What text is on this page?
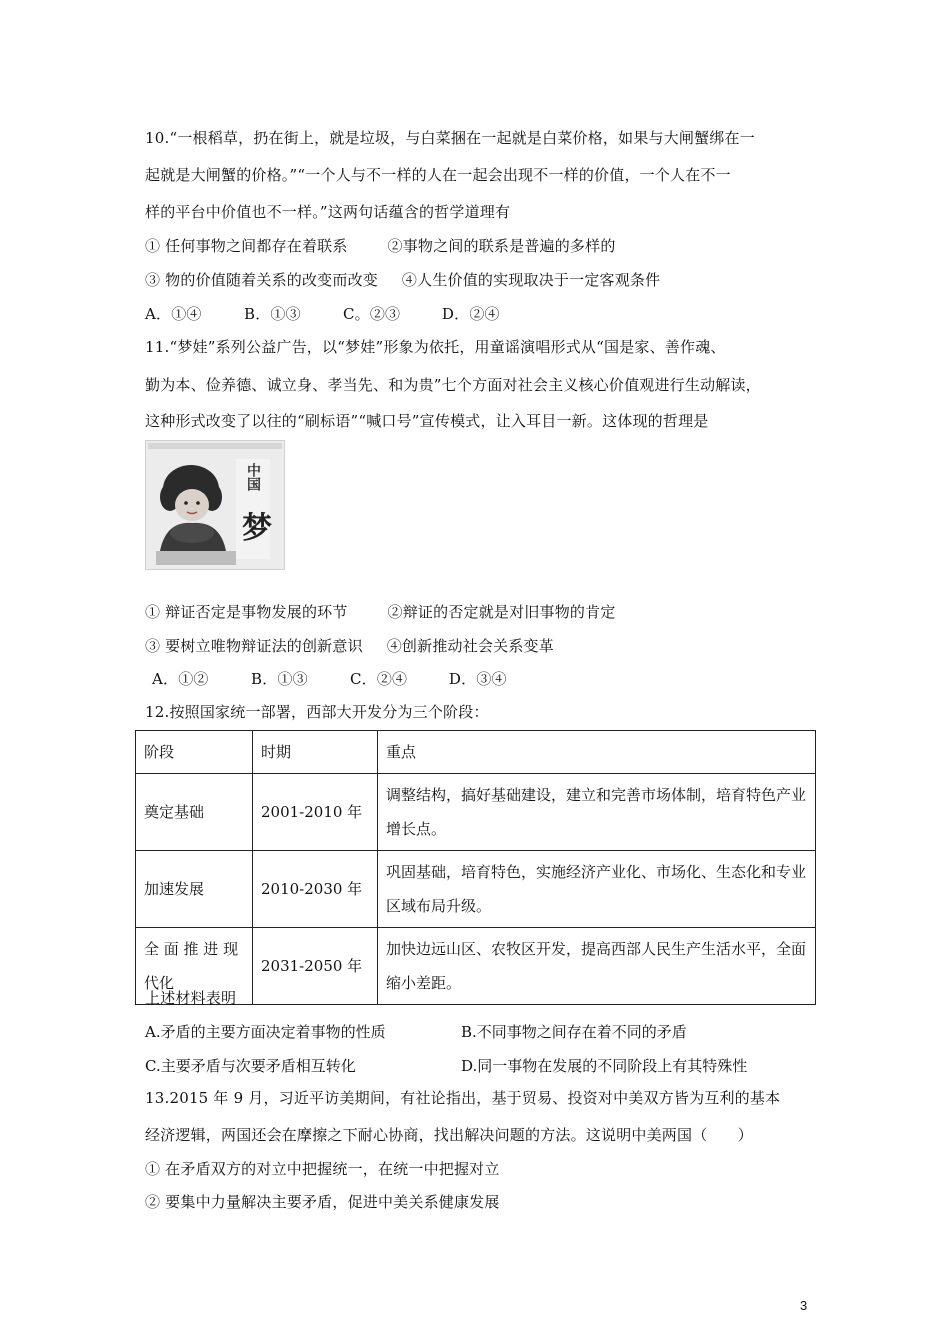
10.“一根稻草，扔在街上，就是垃圾，与白菜捆在一起就是白菜价格，如果与大闸蟹绑在一
起就是大闸蟹的价格。”“一个人与不一样的人在一起会出现不一样的价值，一个人在不一
样的平台中价值也不一样。”这两句话蕴含的哲学道理有
① 任何事物之间都存在着联系	②事物之间的联系是普遍的多样的
③ 物的价值随着关系的改变而改变 ④人生价值的实现取决于一定客观条件
A．①④	B．①③	C。②③	D．②④
11.“梦娃”系列公益广告，以“梦娃”形象为依托，用童谣演唱形式从“国是家、善作魂、
勤为本、俭养德、诚立身、孝当先、和为贵”七个方面对社会主义核心价值观进行生动解读，
这种形式改变了以往的“刷标语”“喊口号”宣传模式，让入耳目一新。这体现的哲理是
中国
梦
① 辩证否定是事物发展的环节	②辩证的否定就是对旧事物的肯定
③ 要树立唯物辩证法的创新意识 ④创新推动社会关系变革
A．①②	B．①③	C．②④	D．③④
12.按照国家统一部署，西部大开发分为三个阶段：
阶段	时期	重点
奠定基础	2001-2010 年	调整结构，搞好基础建设，建立和完善市场体制，培育特色产业增长点。
加速发展	2010-2030 年	巩固基础，培育特色，实施经济产业化、市场化、生态化和专业区域布局升级。
全 面 推 进 现代化	2031-2050 年	加快边远山区、农牧区开发，提高西部人民生产生活水平，全面缩小差距。
上述材料表明
A.矛盾的主要方面决定着事物的性质	B.不同事物之间存在着不同的矛盾
C.主要矛盾与次要矛盾相互转化	D.同一事物在发展的不同阶段上有其特殊性
13.2015 年 9 月，习近平访美期间，有社论指出，基于贸易、投资对中美双方皆为互利的基本
经济逻辑，两国还会在摩擦之下耐心协商，找出解决问题的方法。这说明中美两国（　　）
① 在矛盾双方的对立中把握统一，在统一中把握对立
② 要集中力量解决主要矛盾，促进中美关系健康发展
3
